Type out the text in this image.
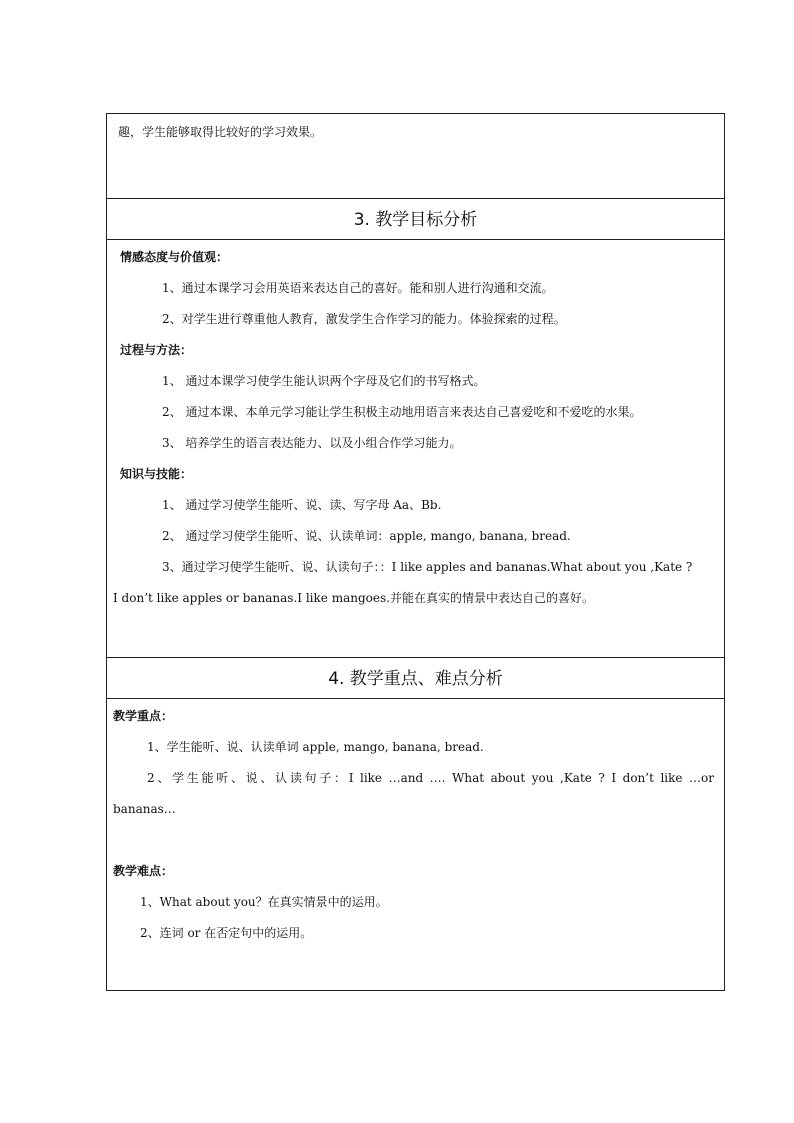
趣，学生能够取得比较好的学习效果。
3. 教学目标分析
情感态度与价值观：
1、通过本课学习会用英语来表达自己的喜好。能和别人进行沟通和交流。
2、对学生进行尊重他人教育，激发学生合作学习的能力。体验探索的过程。
过程与方法：
1、 通过本课学习使学生能认识两个字母及它们的书写格式。
2、 通过本课、本单元学习能让学生积极主动地用语言来表达自己喜爱吃和不爱吃的水果。
3、 培养学生的语言表达能力、以及小组合作学习能力。
知识与技能：
1、 通过学习使学生能听、说、读、写字母 Aa、Bb.
2、 通过学习使学生能听、说、认读单词：apple, mango, banana, bread.
3、通过学习使学生能听、说、认读句子：：I like apples and bananas.What about you ,Kate ?
I don’t like apples or bananas.I like mangoes.并能在真实的情景中表达自己的喜好。
4. 教学重点、难点分析
教学重点：
1、学生能听、说、认读单词 apple, mango, banana, bread.
2、学生能听、说、认读句子：I like …and …. What about you ,Kate ? I don’t like …or
bananas…
教学难点：
1、What about you？在真实情景中的运用。
2、连词 or 在否定句中的运用。
